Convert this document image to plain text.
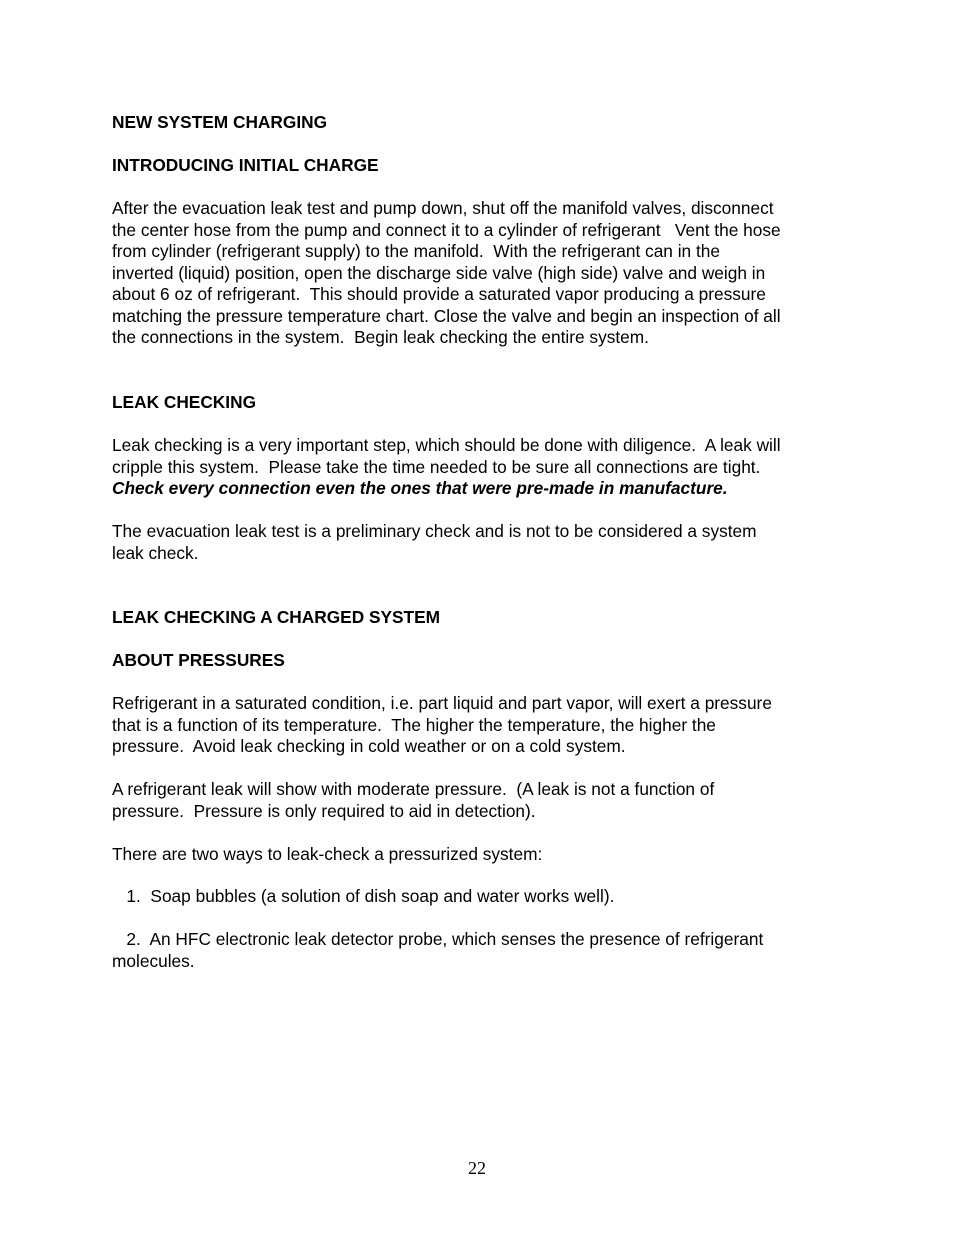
NEW SYSTEM CHARGING

INTRODUCING INITIAL CHARGE

After the evacuation leak test and pump down, shut off the manifold valves, disconnect
the center hose from the pump and connect it to a cylinder of refrigerant   Vent the hose
from cylinder (refrigerant supply) to the manifold.  With the refrigerant can in the
inverted (liquid) position, open the discharge side valve (high side) valve and weigh in
about 6 oz of refrigerant.  This should provide a saturated vapor producing a pressure
matching the pressure temperature chart. Close the valve and begin an inspection of all
the connections in the system.  Begin leak checking the entire system.

LEAK CHECKING

Leak checking is a very important step, which should be done with diligence.  A leak will
cripple this system.  Please take the time needed to be sure all connections are tight.
Check every connection even the ones that were pre-made in manufacture.
The evacuation leak test is a preliminary check and is not to be considered a system
leak check.

LEAK CHECKING A CHARGED SYSTEM

ABOUT PRESSURES

Refrigerant in a saturated condition, i.e. part liquid and part vapor, will exert a pressure
that is a function of its temperature.  The higher the temperature, the higher the
pressure.  Avoid leak checking in cold weather or on a cold system.
A refrigerant leak will show with moderate pressure.  (A leak is not a function of
pressure.  Pressure is only required to aid in detection).

There are two ways to leak-check a pressurized system:

1.  Soap bubbles (a solution of dish soap and water works well).
2.  An HFC electronic leak detector probe, which senses the presence of refrigerant
molecules.
22
